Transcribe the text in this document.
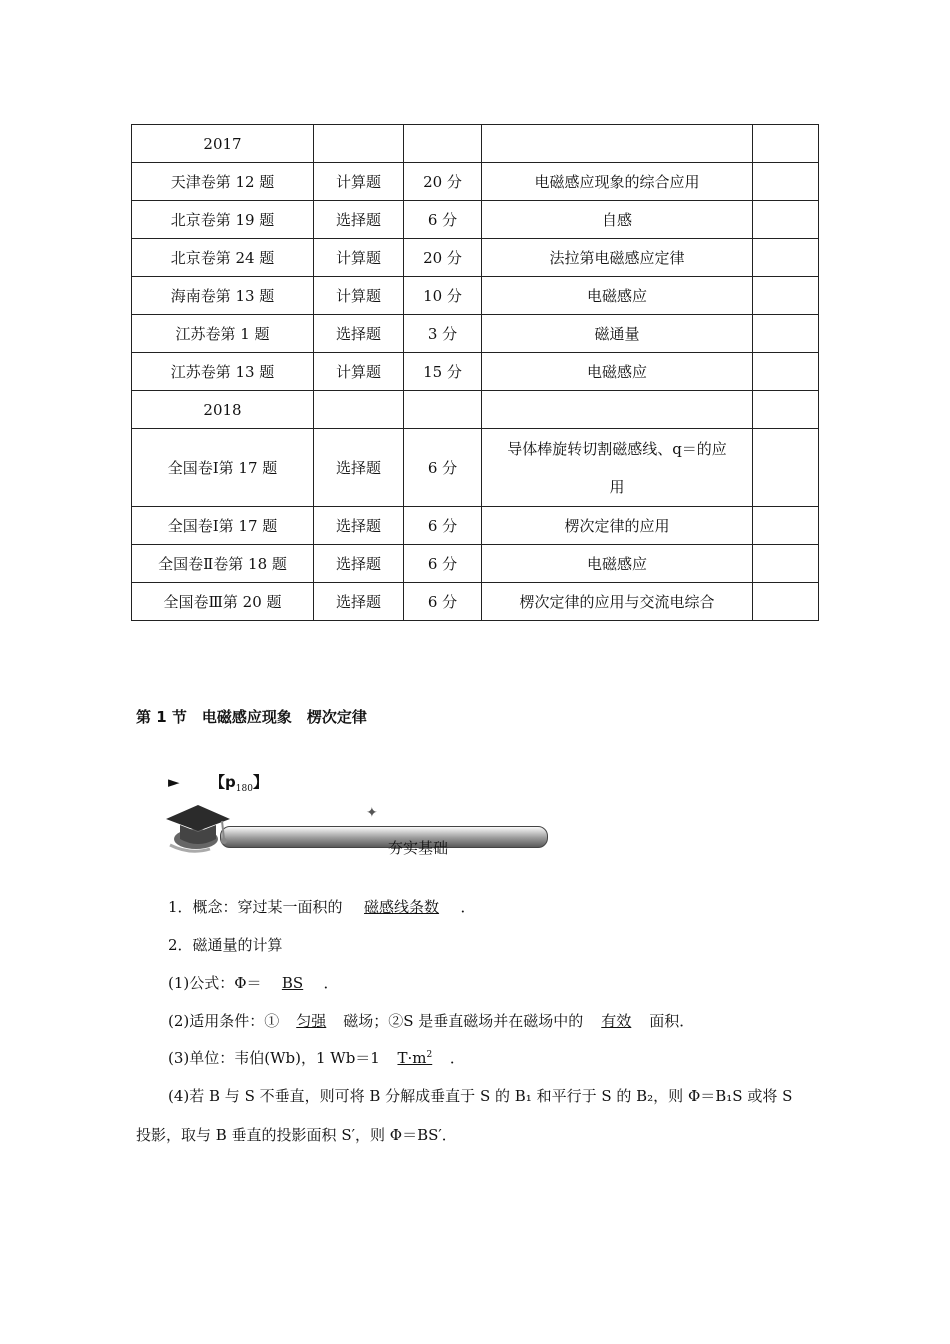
2017				
天津卷第 12 题	计算题	20 分	电磁感应现象的综合应用	
北京卷第 19 题	选择题	6 分	自感	
北京卷第 24 题	计算题	20 分	法拉第电磁感应定律	
海南卷第 13 题	计算题	10 分	电磁感应	
江苏卷第 1 题	选择题	3 分	磁通量	
江苏卷第 13 题	计算题	15 分	电磁感应	
2018				
全国卷Ⅰ第 17 题	选择题	6 分	导体棒旋转切割磁感线、q＝的应
用	

全国卷Ⅰ第 17 题	选择题	6 分	楞次定律的应用	
全国卷Ⅱ卷第 18 题	选择题	6 分	电磁感应	
全国卷Ⅲ第 20 题	选择题	6 分	楞次定律的应用与交流电综合	
第 1 节　电磁感应现象　楞次定律
► 【$p_{180}$】
✦
夯实基础
1．概念：穿过某一面积的 磁感线条数 ．
2．磁通量的计算
(1)公式：Φ＝ BS ．
(2)适用条件：① 匀强 磁场；②S 是垂直磁场并在磁场中的 有效 面积．
(3)单位：韦伯(Wb)，1 Wb＝1 $T\cdot m^2$ ．
(4)若 B 与 S 不垂直，则可将 B 分解成垂直于 S 的 B₁ 和平行于 S 的 B₂，则 Φ＝B₁S 或将 S
投影，取与 B 垂直的投影面积 S′，则 Φ＝BS′．
